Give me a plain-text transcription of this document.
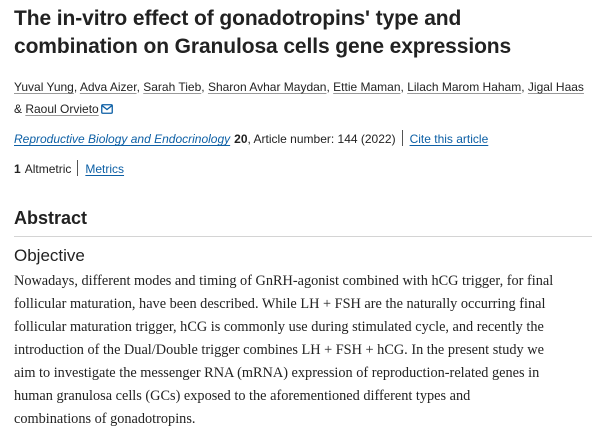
The in-vitro effect of gonadotropins' type and
combination on Granulosa cells gene expressions
Yuval Yung, Adva Aizer, Sarah Tieb, Sharon Avhar Maydan, Ettie Maman, Lilach Marom Haham, Jigal Haas
& Raoul Orvieto
Reproductive Biology and Endocrinology 20, Article number: 144 (2022) Cite this article
1 Altmetric Metrics
Abstract
Objective

Nowadays, different modes and timing of GnRH-agonist combined with hCG trigger, for final
follicular maturation, have been described. While LH + FSH are the naturally occurring final
follicular maturation trigger, hCG is commonly use during stimulated cycle, and recently the
introduction of the Dual/Double trigger combines LH + FSH + hCG. In the present study we
aim to investigate the messenger RNA (mRNA) expression of reproduction-related genes in
human granulosa cells (GCs) exposed to the aforementioned different types and
combinations of gonadotropins.
